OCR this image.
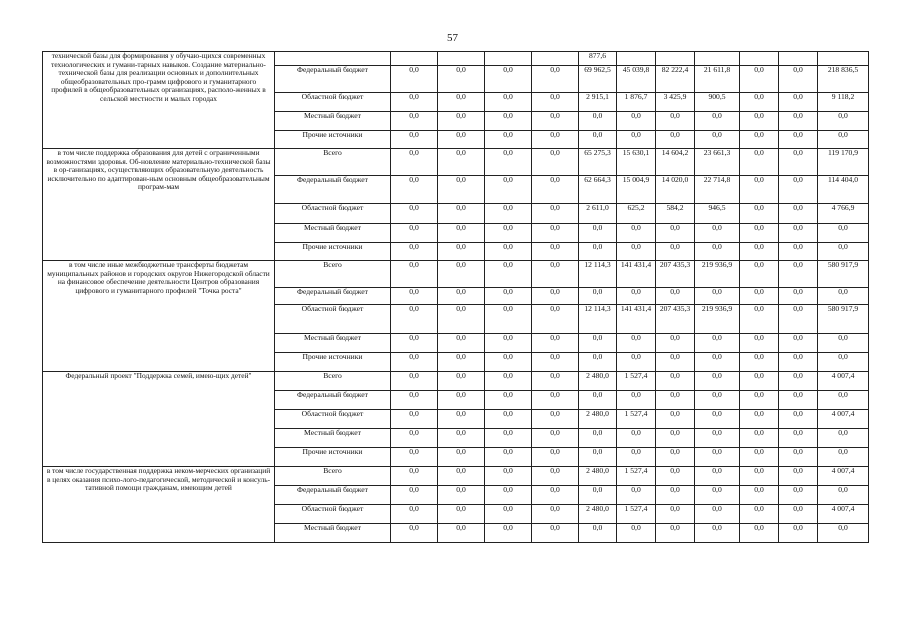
57
технической базы для формирования у обучаю-щихся современных технологических и гумани-тарных навыков. Создание материально-технической базы для реализации основных и дополнительных общеобразовательных про-грамм цифрового и гуманитарного профилей в общеобразовательных организациях, располо-женных в сельской местности и малых городах						877,6						
	Федеральный бюджет	0,0	0,0	0,0	0,0	69 962,5	45 039,8	82 222,4	21 611,8	0,0	0,0	218 836,5
	Областной бюджет	0,0	0,0	0,0	0,0	2 915,1	1 876,7	3 425,9	900,5	0,0	0,0	9 118,2
	Местный бюджет	0,0	0,0	0,0	0,0	0,0	0,0	0,0	0,0	0,0	0,0	0,0
	Прочие источники	0,0	0,0	0,0	0,0	0,0	0,0	0,0	0,0	0,0	0,0	0,0
в том числе поддержка образования для детей с ограниченными возможностями здоровья. Об-новление материально-технической базы в ор-ганизациях, осуществляющих образовательную деятельность исключительно по адаптирован-ным основным общеобразовательным програм-мам	Всего	0,0	0,0	0,0	0,0	65 275,3	15 630,1	14 604,2	23 661,3	0,0	0,0	119 170,9
	Федеральный бюджет	0,0	0,0	0,0	0,0	62 664,3	15 004,9	14 020,0	22 714,8	0,0	0,0	114 404,0
	Областной бюджет	0,0	0,0	0,0	0,0	2 611,0	625,2	584,2	946,5	0,0	0,0	4 766,9
	Местный бюджет	0,0	0,0	0,0	0,0	0,0	0,0	0,0	0,0	0,0	0,0	0,0
	Прочие источники	0,0	0,0	0,0	0,0	0,0	0,0	0,0	0,0	0,0	0,0	0,0
в том числе иные межбюджетные трансферты бюджетам муниципальных районов и городских округов Нижегородской области на финансовое обеспечение деятельности Центров образования цифрового и гуманитарного профилей "Точка роста"	Всего	0,0	0,0	0,0	0,0	12 114,3	141 431,4	207 435,3	219 936,9	0,0	0,0	580 917,9
	Федеральный бюджет	0,0	0,0	0,0	0,0	0,0	0,0	0,0	0,0	0,0	0,0	0,0
	Областной бюджет	0,0	0,0	0,0	0,0	12 114,3	141 431,4	207 435,3	219 936,9	0,0	0,0	580 917,9
	Местный бюджет	0,0	0,0	0,0	0,0	0,0	0,0	0,0	0,0	0,0	0,0	0,0
	Прочие источники	0,0	0,0	0,0	0,0	0,0	0,0	0,0	0,0	0,0	0,0	0,0
Федеральный проект "Поддержка семей, имею-щих детей"	Всего	0,0	0,0	0,0	0,0	2 480,0	1 527,4	0,0	0,0	0,0	0,0	4 007,4
	Федеральный бюджет	0,0	0,0	0,0	0,0	0,0	0,0	0,0	0,0	0,0	0,0	0,0
	Областной бюджет	0,0	0,0	0,0	0,0	2 480,0	1 527,4	0,0	0,0	0,0	0,0	4 007,4
	Местный бюджет	0,0	0,0	0,0	0,0	0,0	0,0	0,0	0,0	0,0	0,0	0,0
	Прочие источники	0,0	0,0	0,0	0,0	0,0	0,0	0,0	0,0	0,0	0,0	0,0
в том числе государственная поддержка неком-мерческих организаций в целях оказания психо-лого-педагогической, методической и консуль-тативной помощи гражданам, имеющим детей	Всего	0,0	0,0	0,0	0,0	2 480,0	1 527,4	0,0	0,0	0,0	0,0	4 007,4
	Федеральный бюджет	0,0	0,0	0,0	0,0	0,0	0,0	0,0	0,0	0,0	0,0	0,0
	Областной бюджет	0,0	0,0	0,0	0,0	2 480,0	1 527,4	0,0	0,0	0,0	0,0	4 007,4
	Местный бюджет	0,0	0,0	0,0	0,0	0,0	0,0	0,0	0,0	0,0	0,0	0,0
